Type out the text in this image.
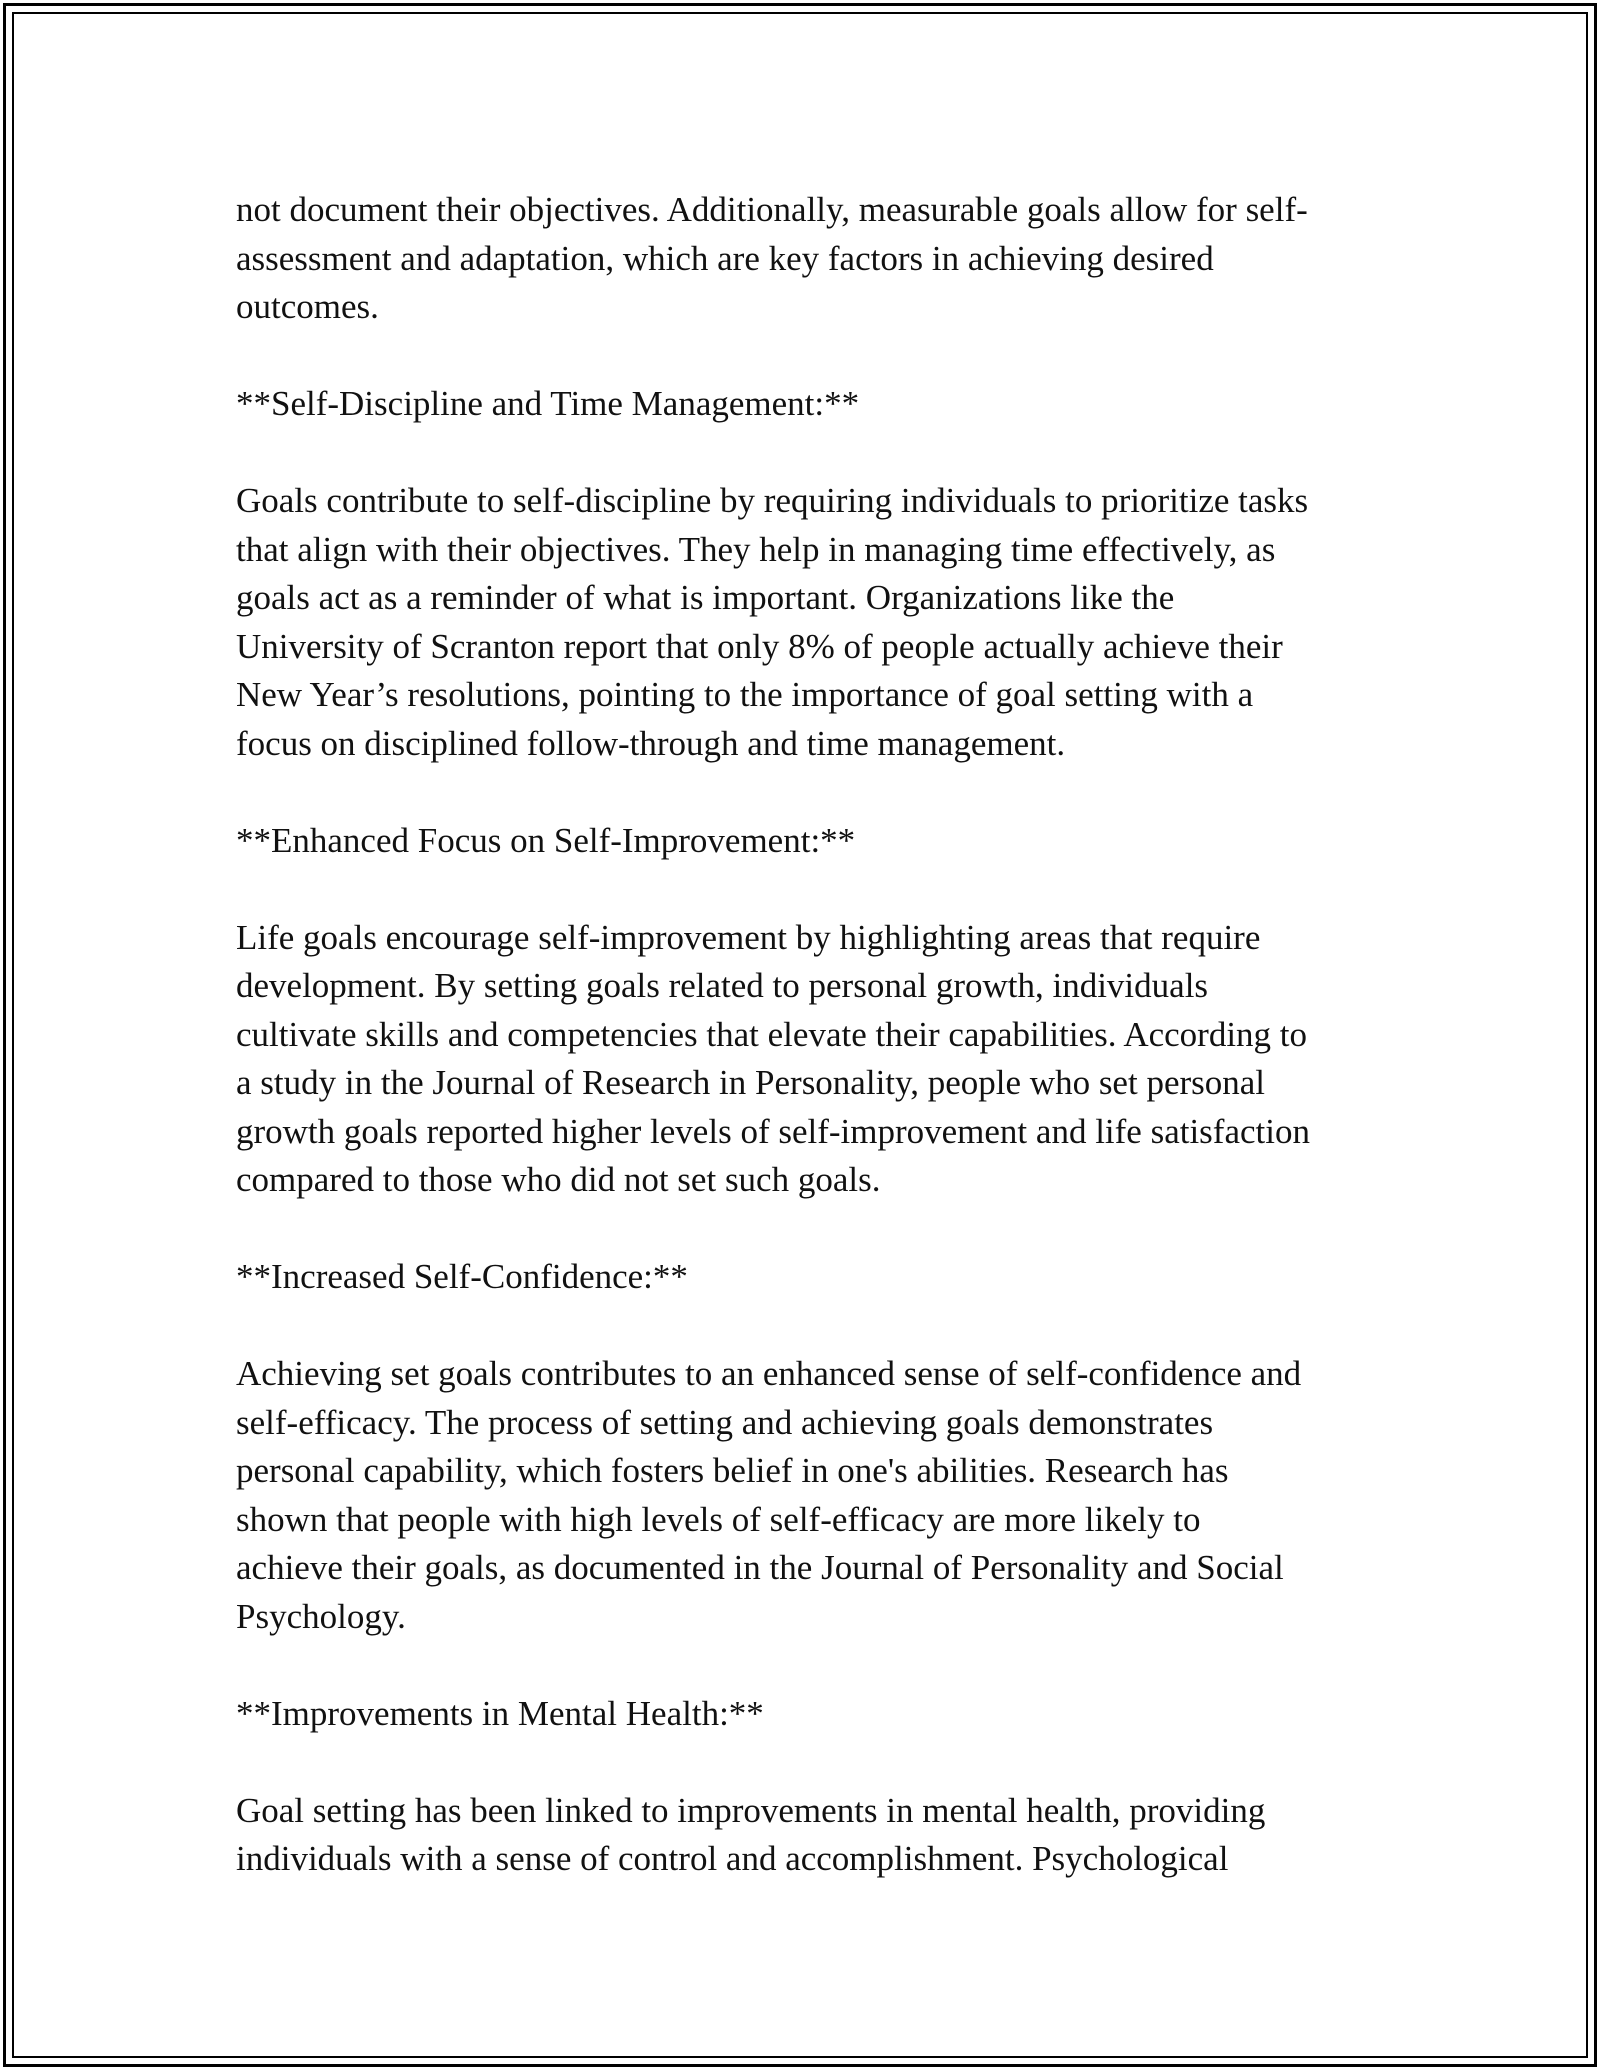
not document their objectives. Additionally, measurable goals allow for self-
assessment and adaptation, which are key factors in achieving desired
outcomes.

**Self-Discipline and Time Management:**

Goals contribute to self-discipline by requiring individuals to prioritize tasks
that align with their objectives. They help in managing time effectively, as
goals act as a reminder of what is important. Organizations like the
University of Scranton report that only 8% of people actually achieve their
New Year’s resolutions, pointing to the importance of goal setting with a
focus on disciplined follow-through and time management.

**Enhanced Focus on Self-Improvement:**

Life goals encourage self-improvement by highlighting areas that require
development. By setting goals related to personal growth, individuals
cultivate skills and competencies that elevate their capabilities. According to
a study in the Journal of Research in Personality, people who set personal
growth goals reported higher levels of self-improvement and life satisfaction
compared to those who did not set such goals.

**Increased Self-Confidence:**

Achieving set goals contributes to an enhanced sense of self-confidence and
self-efficacy. The process of setting and achieving goals demonstrates
personal capability, which fosters belief in one's abilities. Research has
shown that people with high levels of self-efficacy are more likely to
achieve their goals, as documented in the Journal of Personality and Social
Psychology.

**Improvements in Mental Health:**

Goal setting has been linked to improvements in mental health, providing
individuals with a sense of control and accomplishment. Psychological
